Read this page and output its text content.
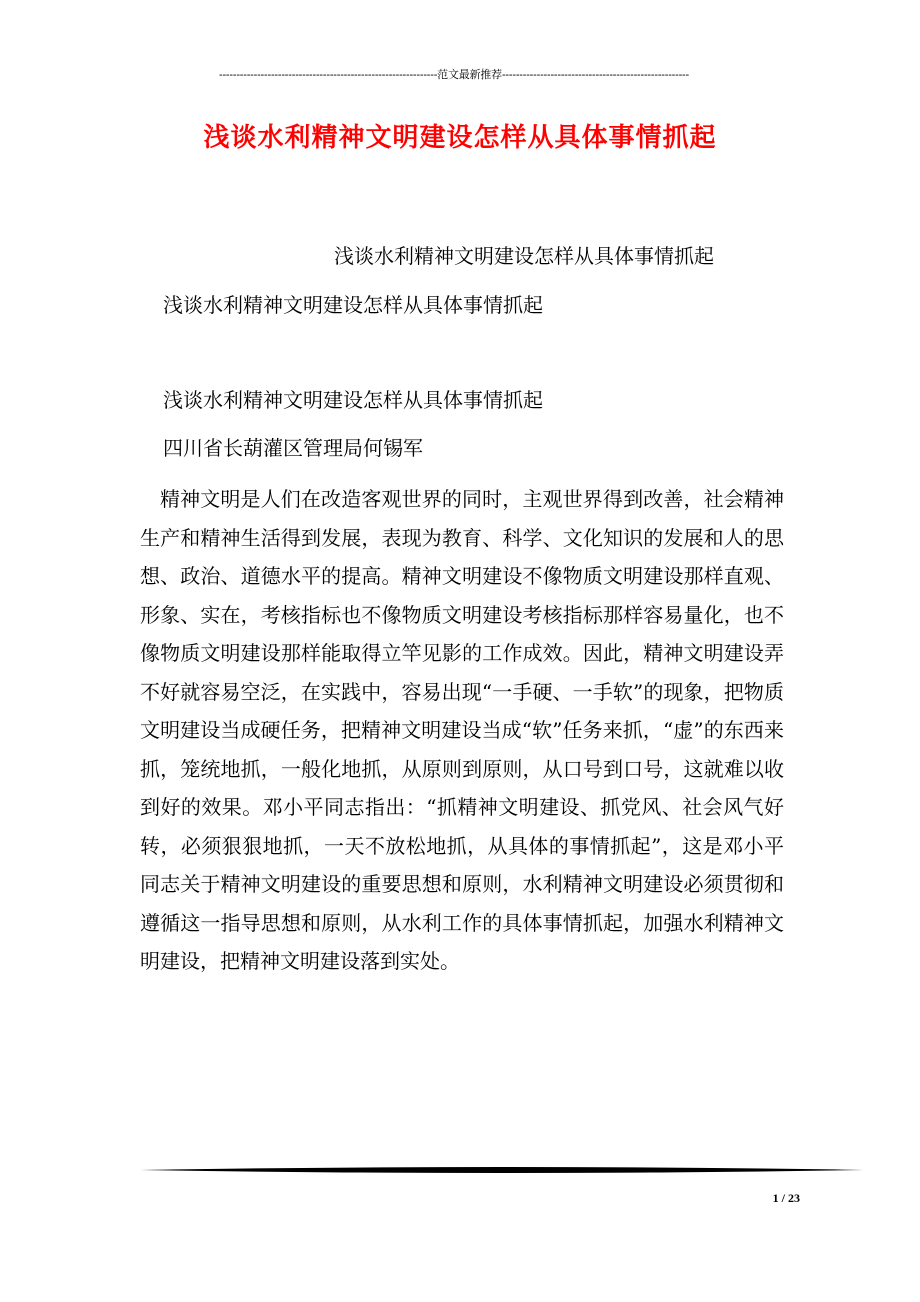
---------------------------------------------------------------范文最新推荐------------------------------------------------------
浅谈水利精神文明建设怎样从具体事情抓起
浅谈水利精神文明建设怎样从具体事情抓起
浅谈水利精神文明建设怎样从具体事情抓起
浅谈水利精神文明建设怎样从具体事情抓起
四川省长葫灌区管理局何锡军

精神文明是人们在改造客观世界的同时，主观世界得到改善，社会精神生产和精神生活得到发展，表现为教育、科学、文化知识的发展和人的思想、政治、道德水平的提高。精神文明建设不像物质文明建设那样直观、形象、实在，考核指标也不像物质文明建设考核指标那样容易量化，也不像物质文明建设那样能取得立竿见影的工作成效。因此，精神文明建设弄不好就容易空泛，在实践中，容易出现“一手硬、一手软”的现象，把物质文明建设当成硬任务，把精神文明建设当成“软”任务来抓，“虚”的东西来抓，笼统地抓，一般化地抓，从原则到原则，从口号到口号，这就难以收到好的效果。邓小平同志指出：“抓精神文明建设、抓党风、社会风气好转，必须狠狠地抓，一天不放松地抓，从具体的事情抓起”，这是邓小平同志关于精神文明建设的重要思想和原则，水利精神文明建设必须贯彻和遵循这一指导思想和原则，从水利工作的具体事情抓起，加强水利精神文明建设，把精神文明建设落到实处。

1 / 23
